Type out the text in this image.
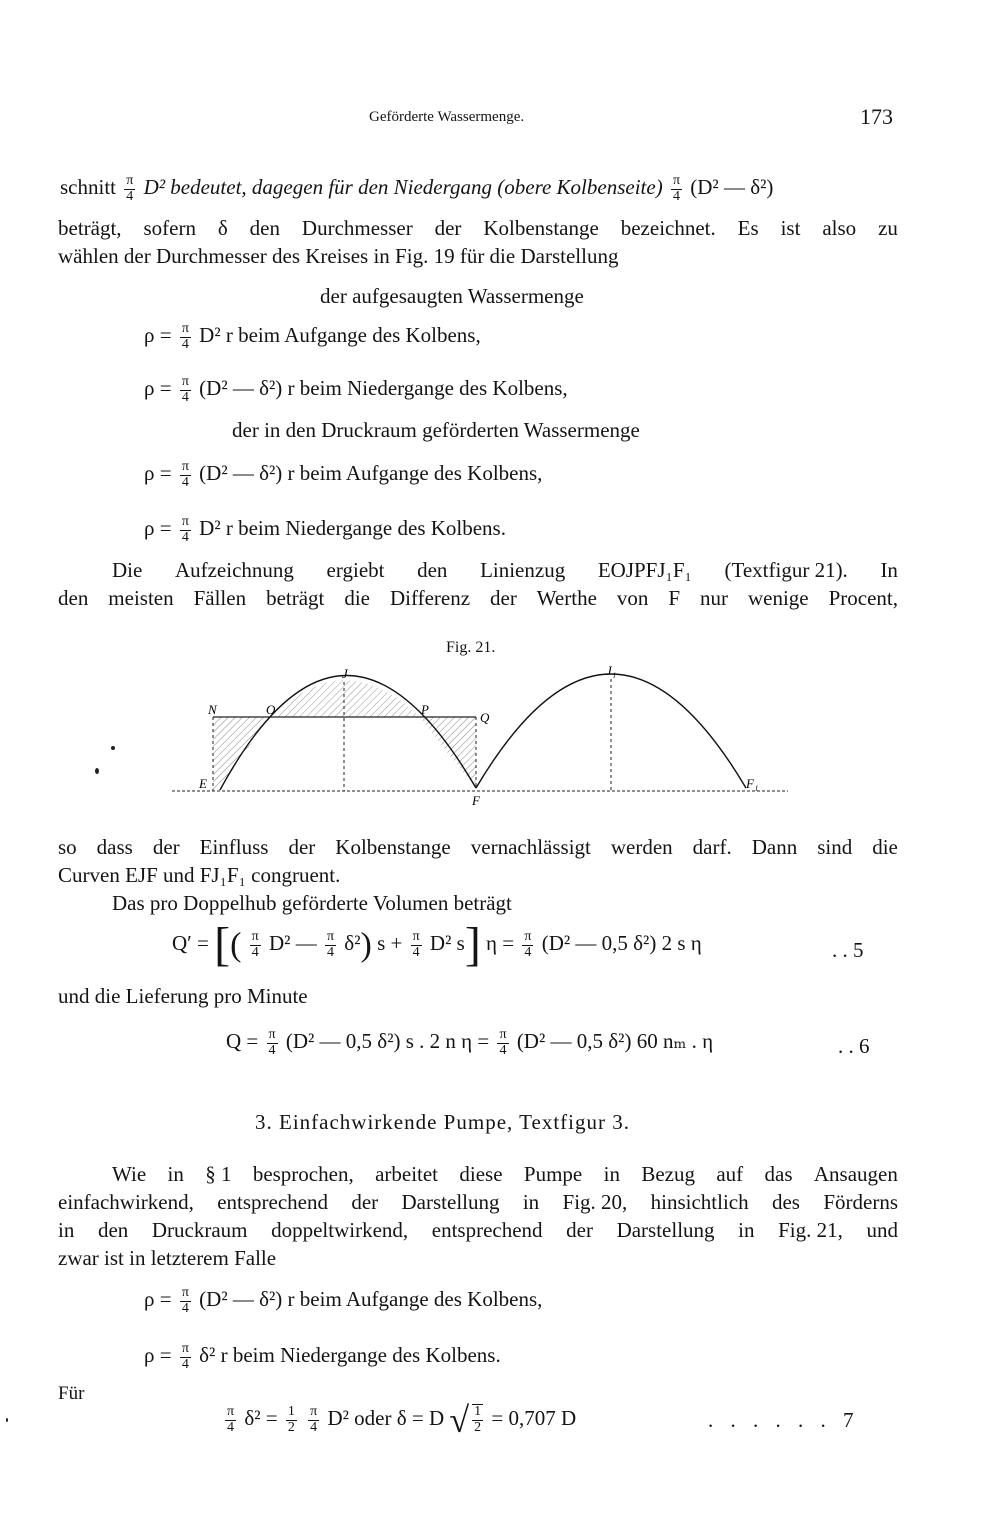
Geförderte Wassermenge.	173
schnitt $\frac{\pi}{4} D^2$ bedeutet, dagegen für den Niedergang (obere Kolbenseite) $\frac{\pi}{4} (D^2$ — δ²)
beträgt, sofern δ den Durchmesser der Kolbenstange bezeichnet. Es ist also zu
wählen der Durchmesser des Kreises in Fig. 19 für die Darstellung
der aufgesaugten Wassermenge
$\rho = \frac{\pi}{4} D^2$ r beim Aufgange des Kolbens,
$\rho = \frac{\pi}{4} (D^2$ — δ²) r beim Niedergange des Kolbens,
der in den Druckraum geförderten Wassermenge
$\rho = \frac{\pi}{4} (D^2$ — δ²) r beim Aufgange des Kolbens,
$\rho = \frac{\pi}{4} D^2$ r beim Niedergange des Kolbens.
Die Aufzeichnung ergiebt den Linienzug EOJPFJ₁F₁ (Textfigur 21). In
den meisten Fällen beträgt die Differenz der Werthe von F nur wenige Procent,
Fig. 21.
J	J₁
N	O	P
Q
E
F
F₁
so dass der Einfluss der Kolbenstange vernachlässigt werden darf. Dann sind die
Curven EJF und FJ₁F₁ congruent.
Das pro Doppelhub geförderte Volumen beträgt
Q′ = [( $\frac{\pi}{4} D^2$ — $\frac{\pi}{4} \delta^2$) $s + \frac{\pi}{4} D^2$ s] $\eta = \frac{\pi}{4} (D^2$ — 0,5 δ²) 2 s η	. . 5
und die Lieferung pro Minute
$Q = \frac{\pi}{4} (D^2$ — 0,5 δ²) s . 2 n $\eta = \frac{\pi}{4} (D^2$ — 0,5 δ²) 60 nₘ . η	. . 6
3. Einfachwirkende Pumpe, Textfigur 3.
Wie in § 1 besprochen, arbeitet diese Pumpe in Bezug auf das Ansaugen
einfachwirkend, entsprechend der Darstellung in Fig. 20, hinsichtlich des Förderns
in den Druckraum doppeltwirkend, entsprechend der Darstellung in Fig. 21, und
zwar ist in letzterem Falle
$\rho = \frac{\pi}{4} (D^2$ — δ²) r beim Aufgange des Kolbens,
$\rho = \frac{\pi}{4} \delta^2$ r beim Niedergange des Kolbens.
Für
$\frac{\pi}{4} \delta^2 = \frac{1}{2}$
$\frac{\pi}{4} D^2$ oder δ = D √ $\frac{1}{2} = 0,707$ D	. . . . . . 7
